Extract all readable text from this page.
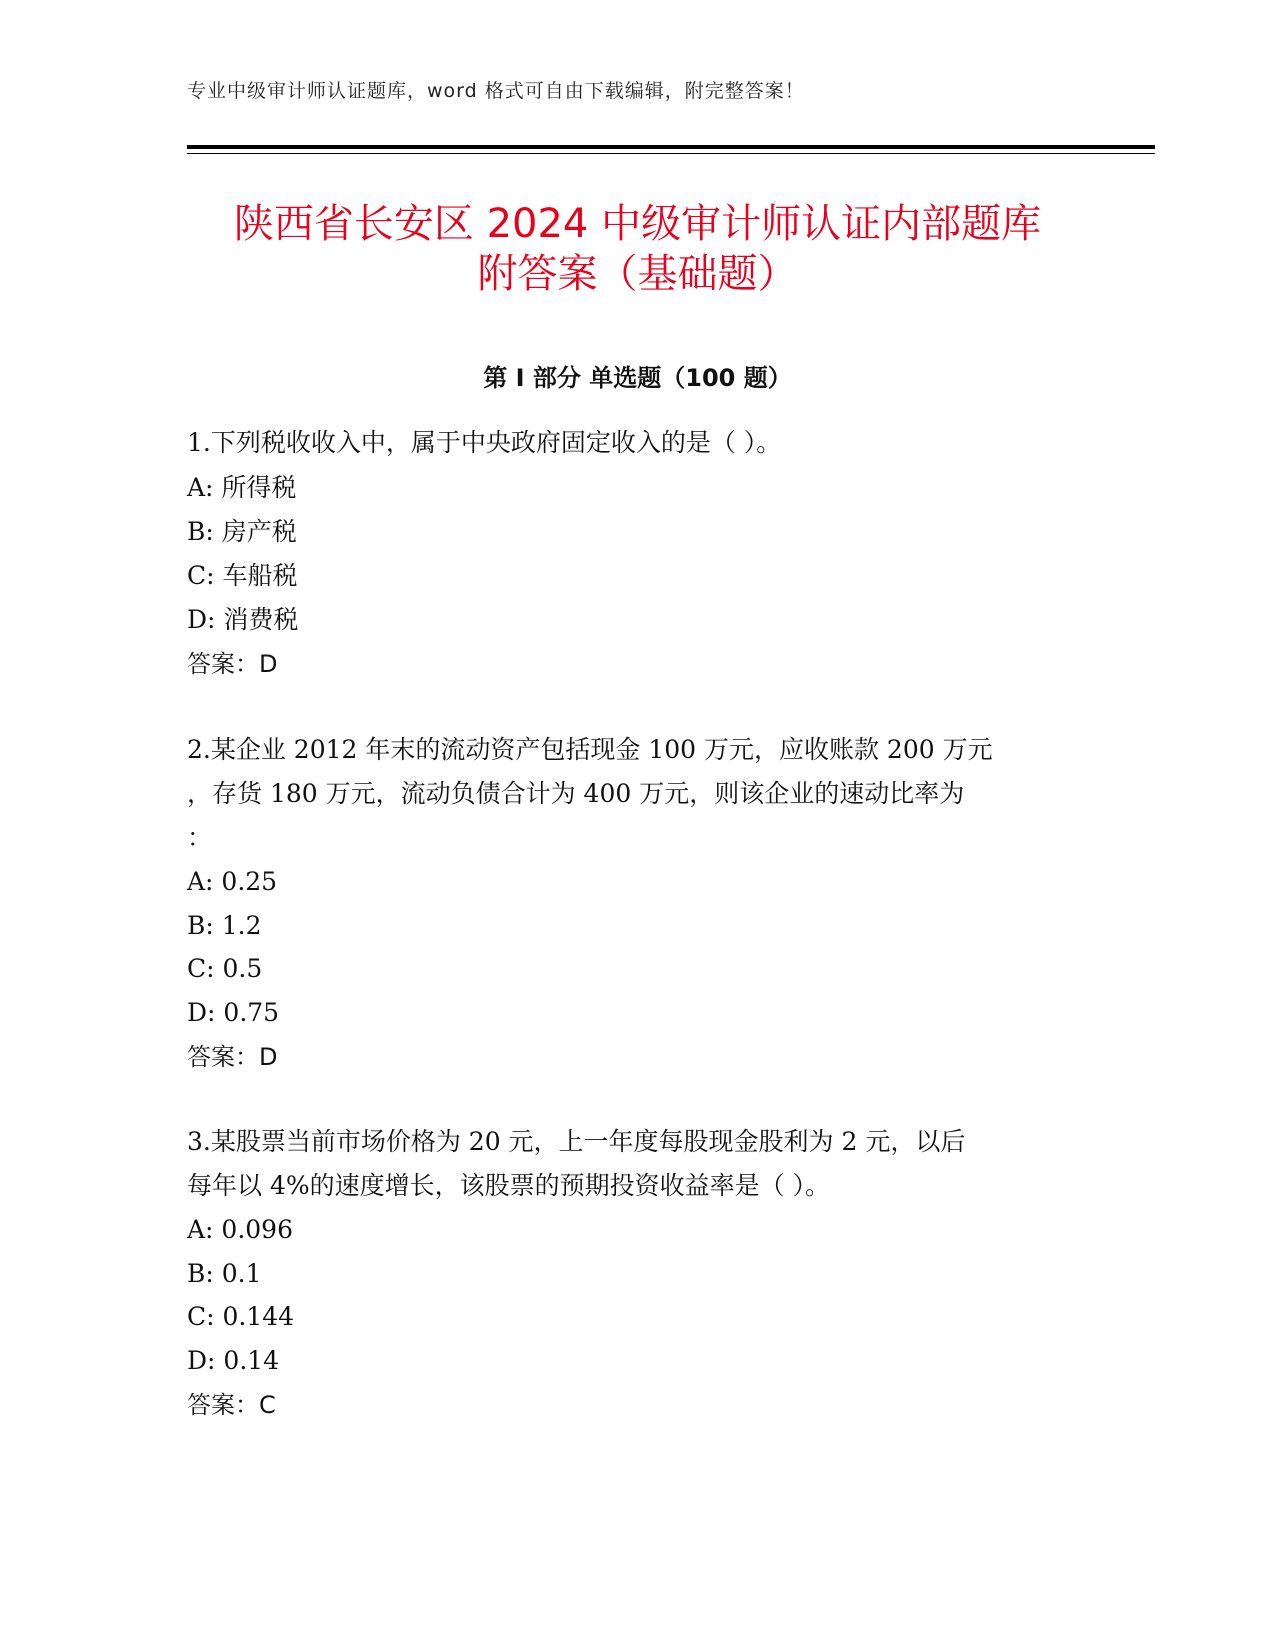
专业中级审计师认证题库，word 格式可自由下载编辑，附完整答案！
陕西省长安区 2024 中级审计师认证内部题库
附答案（基础题）
第 I 部分 单选题（100 题）
1.下列税收收入中，属于中央政府固定收入的是（ ）。
A: 所得税
B: 房产税
C: 车船税
D: 消费税
答案：D
2.某企业 2012 年末的流动资产包括现金 100 万元，应收账款 200 万元
，存货 180 万元，流动负债合计为 400 万元，则该企业的速动比率为
：
A: 0.25
B: 1.2
C: 0.5
D: 0.75
答案：D
3.某股票当前市场价格为 20 元，上一年度每股现金股利为 2 元，以后
每年以 4%的速度增长，该股票的预期投资收益率是（ ）。
A: 0.096
B: 0.1
C: 0.144
D: 0.14
答案：C
